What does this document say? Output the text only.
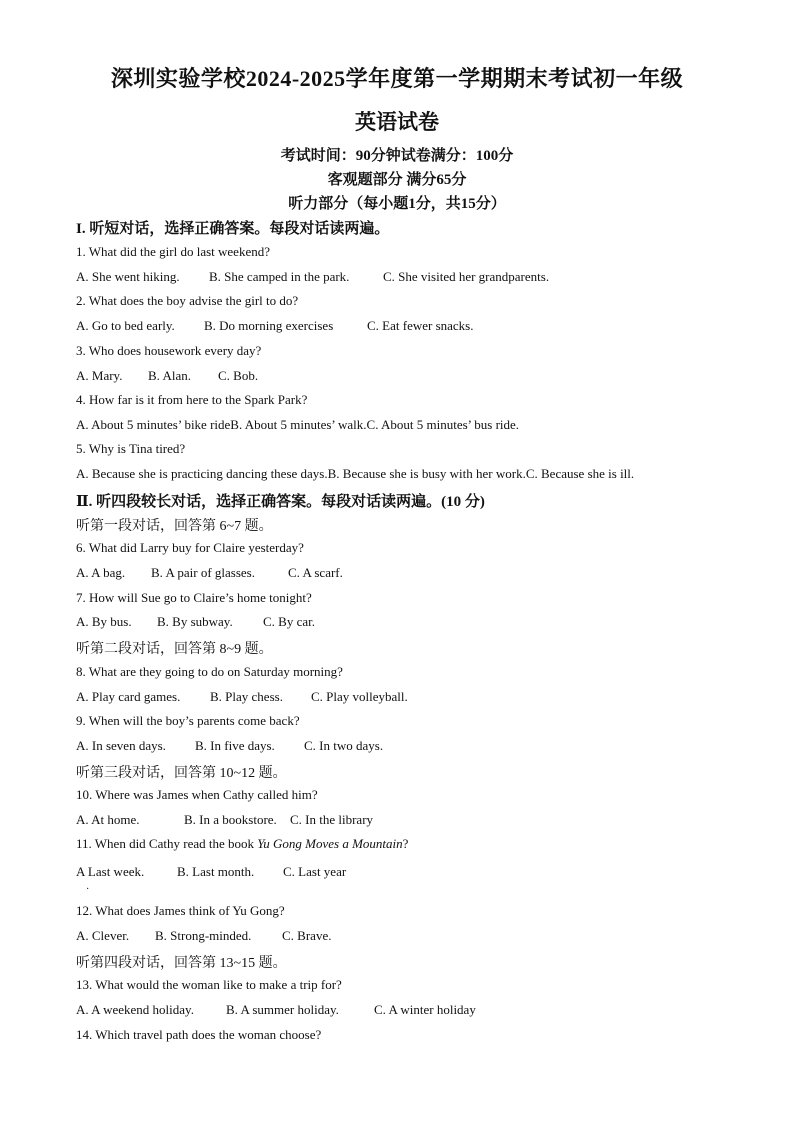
深圳实验学校2024-2025学年度第一学期期末考试初一年级
英语试卷
考试时间：90分钟试卷满分：100分
客观题部分 满分65分
听力部分（每小题1分，共15分）
I. 听短对话，选择正确答案。每段对话读两遍。
1. What did the girl do last weekend?
A. She went hiking. B. She camped in the park.	C. She visited her grandparents.
2. What does the boy advise the girl to do?
A. Go to bed early. B. Do morning exercises	C. Eat fewer snacks.
3. Who does housework every day?
A. Mary. B. Alan. C. Bob.
4. How far is it from here to the Spark Park?
A. About 5 minutes’ bike rideB. About 5 minutes’ walk.C. About 5 minutes’ bus ride.
5. Why is Tina tired?
A. Because she is practicing dancing these days.B. Because she is busy with her work.C. Because she is ill.
Ⅱ. 听四段较长对话，选择正确答案。每段对话读两遍。(10 分)
听第一段对话，回答第 6~7 题。
6. What did Larry buy for Claire yesterday?
A. A bag. B. A pair of glasses.	C. A scarf.
7. How will Sue go to Claire’s home tonight?
A. By bus. B. By subway. C. By car.
听第二段对话，回答第 8~9 题。
8. What are they going to do on Saturday morning?
A. Play card games. B. Play chess. C. Play volleyball.
9. When will the boy’s parents come back?
A. In seven days. B. In five days. C. In two days.
听第三段对话，回答第 10~12 题。
10. Where was James when Cathy called him?
A. At home.	B. In a bookstore. C. In the library
11. When did Cathy read the book Yu Gong Moves a Mountain?
A Last week.	B. Last month. C. Last year
·
12. What does James think of Yu Gong?
A. Clever. B. Strong-minded. C. Brave.
听第四段对话，回答第 13~15 题。
13. What would the woman like to make a trip for?
A. A weekend holiday. B. A summer holiday.	C. A winter holiday
14. Which travel path does the woman choose?
